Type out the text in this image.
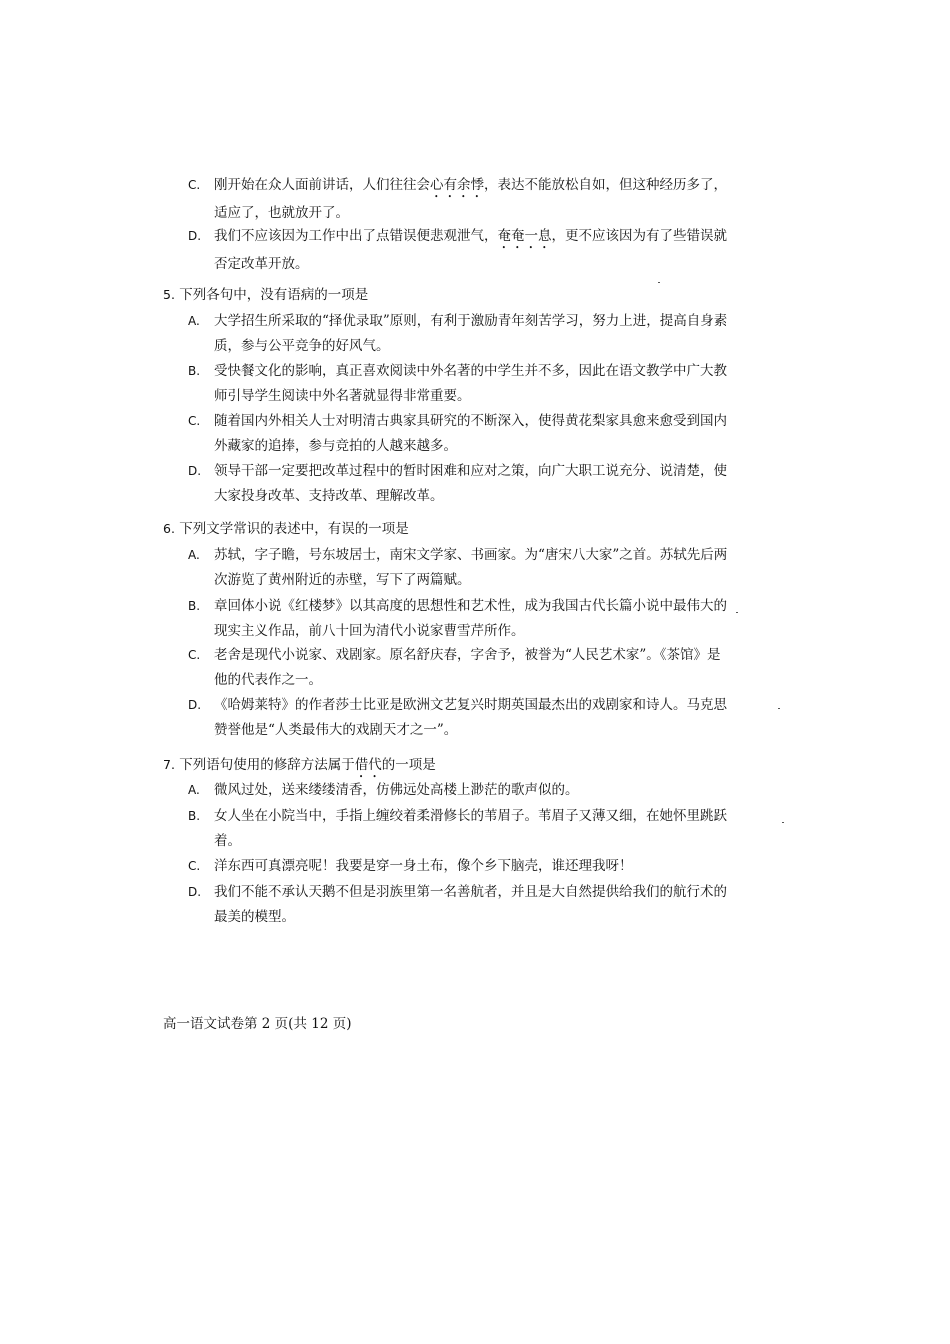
C. 刚开始在众人面前讲话，人们往往会心有余悸，表达不能放松自如，但这种经历多了，适应了，也就放开了。
D. 我们不应该因为工作中出了点错误便悲观泄气，奄奄一息，更不应该因为有了些错误就否定改革开放。
5. 下列各句中，没有语病的一项是
A. 大学招生所采取的“择优录取”原则，有利于激励青年刻苦学习，努力上进，提高自身素质，参与公平竞争的好风气。
B. 受快餐文化的影响，真正喜欢阅读中外名著的中学生并不多，因此在语文教学中广大教师引导学生阅读中外名著就显得非常重要。
C. 随着国内外相关人士对明清古典家具研究的不断深入，使得黄花梨家具愈来愈受到国内外藏家的追捧，参与竞拍的人越来越多。
D. 领导干部一定要把改革过程中的暂时困难和应对之策，向广大职工说充分、说清楚，使大家投身改革、支持改革、理解改革。
6. 下列文学常识的表述中，有误的一项是
A. 苏轼，字子瞻，号东坡居士，南宋文学家、书画家。为“唐宋八大家”之首。苏轼先后两次游览了黄州附近的赤壁，写下了两篇赋。
B. 章回体小说《红楼梦》以其高度的思想性和艺术性，成为我国古代长篇小说中最伟大的现实主义作品，前八十回为清代小说家曹雪芹所作。
C. 老舍是现代小说家、戏剧家。原名舒庆春，字舍予，被誉为“人民艺术家”。《茶馆》是他的代表作之一。
D. 《哈姆莱特》的作者莎士比亚是欧洲文艺复兴时期英国最杰出的戏剧家和诗人。马克思赞誉他是“人类最伟大的戏剧天才之一”。
7. 下列语句使用的修辞方法属于借代的一项是
A. 微风过处，送来缕缕清香，仿佛远处高楼上渺茫的歌声似的。
B. 女人坐在小院当中，手指上缠绞着柔滑修长的苇眉子。苇眉子又薄又细，在她怀里跳跃着。
C. 洋东西可真漂亮呢！我要是穿一身土布，像个乡下脑壳，谁还理我呀！
D. 我们不能不承认天鹅不但是羽族里第一名善航者，并且是大自然提供给我们的航行术的最美的模型。
高一语文试卷第 2 页(共 12 页)
